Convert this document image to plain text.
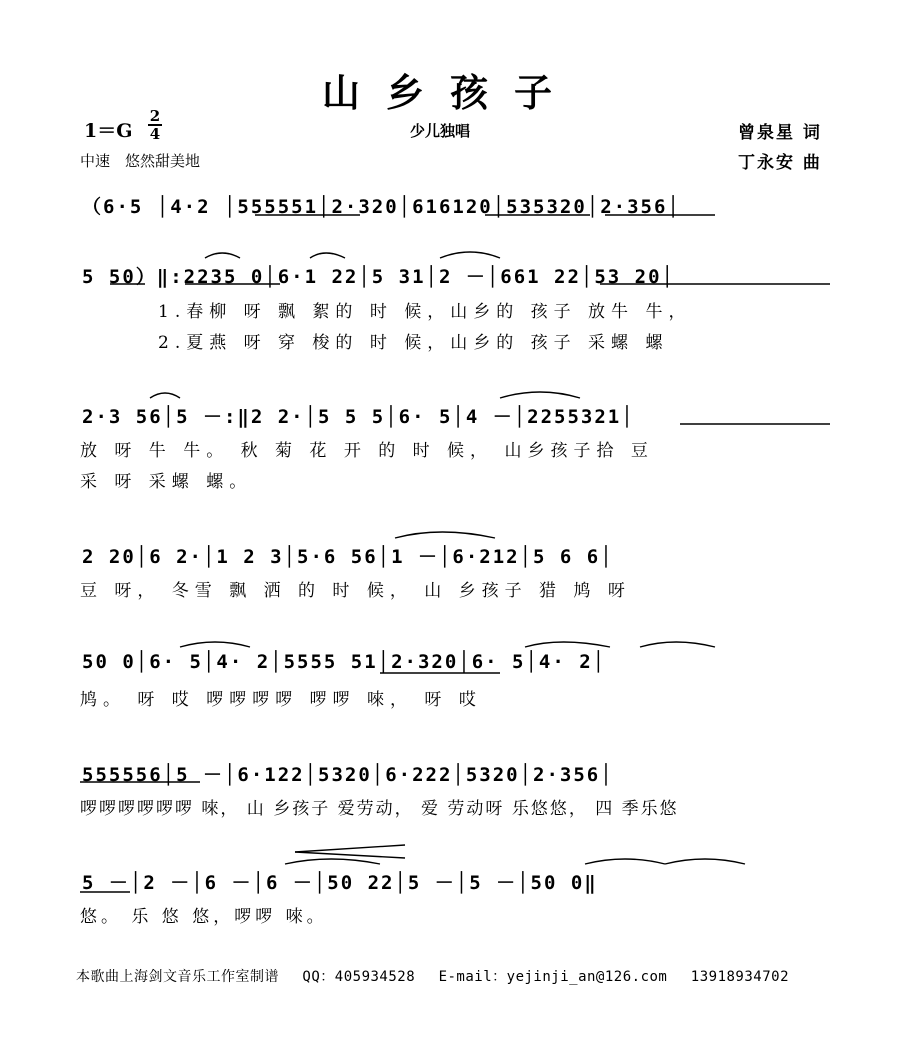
山乡孩子
1＝G
2
4	少儿独唱
中速　悠然甜美地
曾泉星 词
丁永安 曲
（6·5 │4·2 │555551│2·320│616120│535320│2·356│
5 50）‖:2235 0│6·1 22│5 31│2 －│661 22│53 20│
1.春柳 呀 飘 絮的 时 候，山乡的 孩子 放牛 牛，
2.夏燕 呀 穿 梭的 时 候，山乡的 孩子 采螺 螺
2·3 56│5 －:‖2 2·│5 5 5│6· 5│4 －│2255321│
放 呀 牛 牛。 秋 菊 花 开 的 时 候， 山乡孩子拾 豆
采 呀 采螺 螺。
2 20│6 2·│1 2 3│5·6 56│1 －│6·212│5 6 6│
豆 呀， 冬雪 飘 洒 的 时 候， 山 乡孩子 猎 鸠 呀
50 0│6· 5│4· 2│5555 51│2·320│6· 5│4· 2│
鸠。 呀 哎 啰啰啰啰 啰啰 唻， 呀 哎
555556│5 －│6·122│5320│6·222│5320│2·356│
啰啰啰啰啰啰 唻， 山 乡孩子 爱劳动， 爱 劳动呀 乐悠悠， 四 季乐悠
5 －│2 －│6 －│6 －│50 22│5 －│5 －│50 0‖
悠。 乐 悠 悠，啰啰 唻。
本歌曲上海剑文音乐工作室制谱　 QQ：405934528　 E-mail：yejinji_an@126.com　 13918934702
